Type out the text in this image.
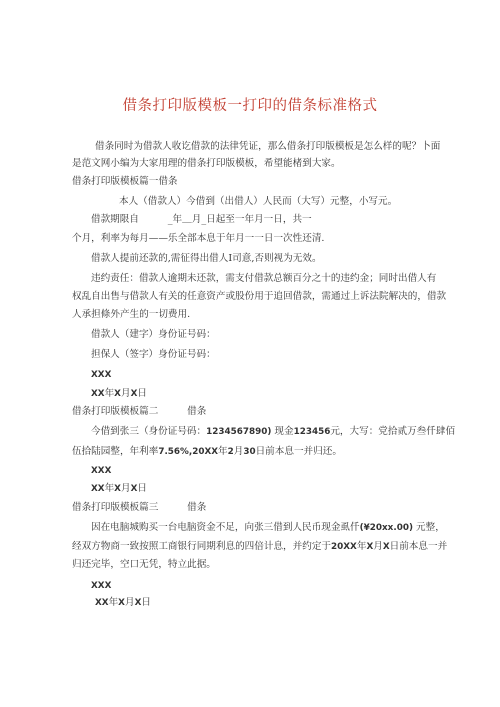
借条打印版模板一打印的借条标准格式
借条同时为借款人收讫借款的法律凭证，那么借条打印版模板是怎么样的呢？卜面
是范文网小编为大家用理的借条打印版模板，希望能楮到大家。
借条打印版模板篇一借条
本人（借款人）今借到（出借人）人民而（大写）元整，小写元。
借款期限自　　　_年＿月_日起至一年月一日，共一
个月，利率为每月——乐全部本息于年月一一日一次性还清.
借款人提前还款的,需征得出借人I司意,否则视为无效。
违约责任：借款人逾期未还款，需支付借款总额百分之十的违约金；同时出借人有
权乱自出售与借款人有关的任意资产或股份用于追回借款，需通过上诉法院解决的，借款
人承担條外产生的一切费用.
借款人（建字）身份证号码：
担保人（签字）身份证号码：
XXX
XX年X月X日
借条打印版模板篇二　　　借条
今借到张三（身份证号码：1234567890) 现金123456元，大写：党拾贰万叁仟肆佰
伍拾陆园整，年利率7.56%,20XX年2月30日前本息一并归还。
XXX
XX年X月X日
借条打印版模板篇三　　　借条
因在电脑城购买一台电脑资金不足，向张三借到人民币现金虱仟(¥20xx.00) 元整，
经双方物商一致按照工商银行同期利息的四倍计息，并约定于20XX年X月X日前本息一并
归还完毕，空口无凭，特立此据。
XXX
XX年X月X日
